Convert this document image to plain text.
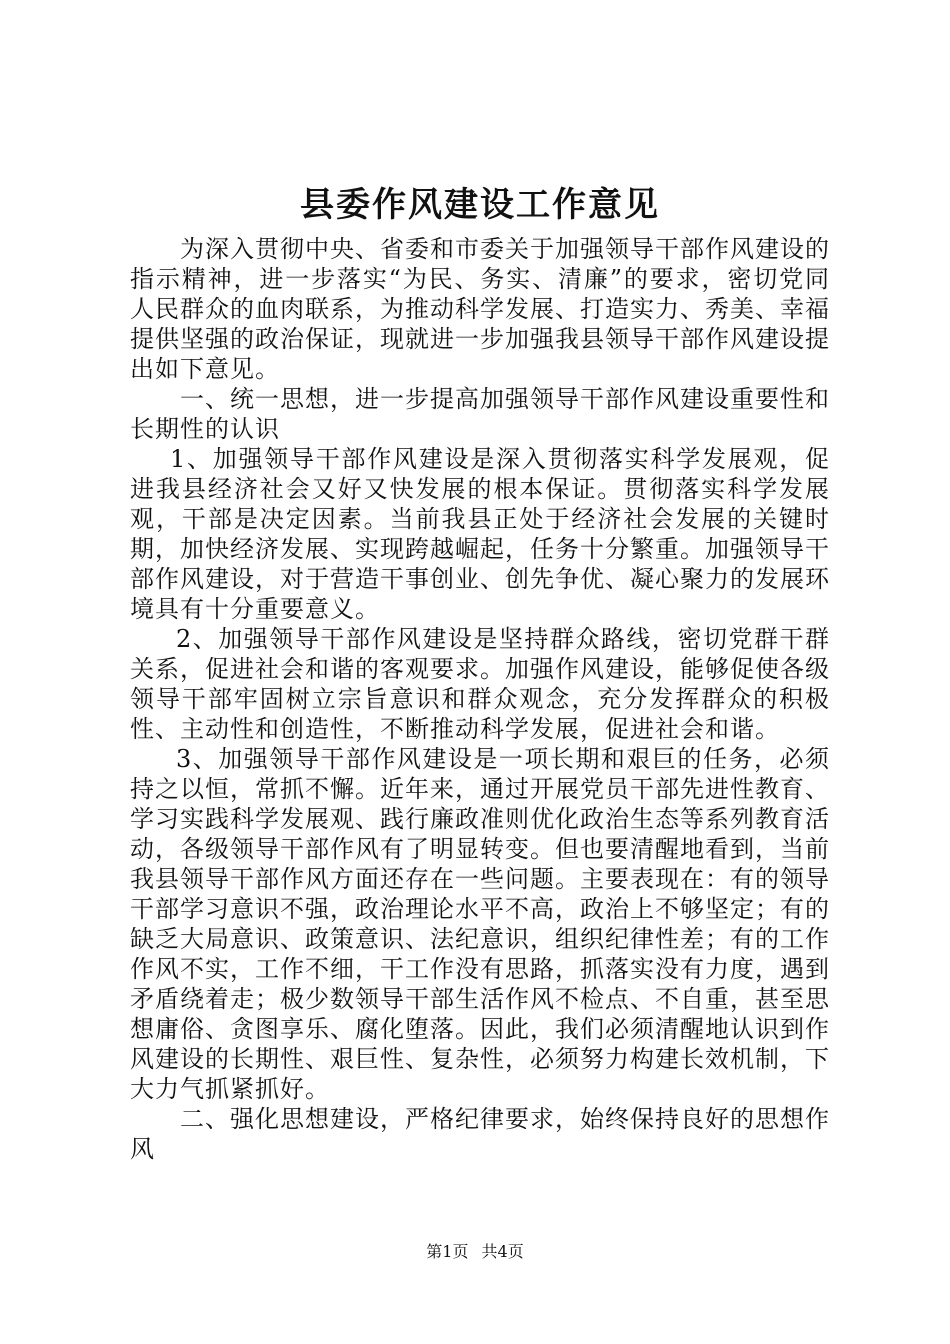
县委作风建设工作意见

为深入贯彻中央、省委和市委关于加强领导干部作风建设的指示精神，进一步落实“为民、务实、清廉”的要求，密切党同人民群众的血肉联系，为推动科学发展、打造实力、秀美、幸福提供坚强的政治保证，现就进一步加强我县领导干部作风建设提出如下意见。

一、统一思想，进一步提高加强领导干部作风建设重要性和长期性的认识

1、加强领导干部作风建设是深入贯彻落实科学发展观，促进我县经济社会又好又快发展的根本保证。贯彻落实科学发展观，干部是决定因素。当前我县正处于经济社会发展的关键时期，加快经济发展、实现跨越崛起，任务十分繁重。加强领导干部作风建设，对于营造干事创业、创先争优、凝心聚力的发展环境具有十分重要意义。

2、加强领导干部作风建设是坚持群众路线，密切党群干群关系，促进社会和谐的客观要求。加强作风建设，能够促使各级领导干部牢固树立宗旨意识和群众观念，充分发挥群众的积极性、主动性和创造性，不断推动科学发展，促进社会和谐。

3、加强领导干部作风建设是一项长期和艰巨的任务，必须持之以恒，常抓不懈。近年来，通过开展党员干部先进性教育、学习实践科学发展观、践行廉政准则优化政治生态等系列教育活动，各级领导干部作风有了明显转变。但也要清醒地看到，当前我县领导干部作风方面还存在一些问题。主要表现在：有的领导干部学习意识不强，政治理论水平不高，政治上不够坚定；有的缺乏大局意识、政策意识、法纪意识，组织纪律性差；有的工作作风不实，工作不细，干工作没有思路，抓落实没有力度，遇到矛盾绕着走；极少数领导干部生活作风不检点、不自重，甚至思想庸俗、贪图享乐、腐化堕落。因此，我们必须清醒地认识到作风建设的长期性、艰巨性、复杂性，必须努力构建长效机制，下大力气抓紧抓好。

二、强化思想建设，严格纪律要求，始终保持良好的思想作风

第1页 共4页
